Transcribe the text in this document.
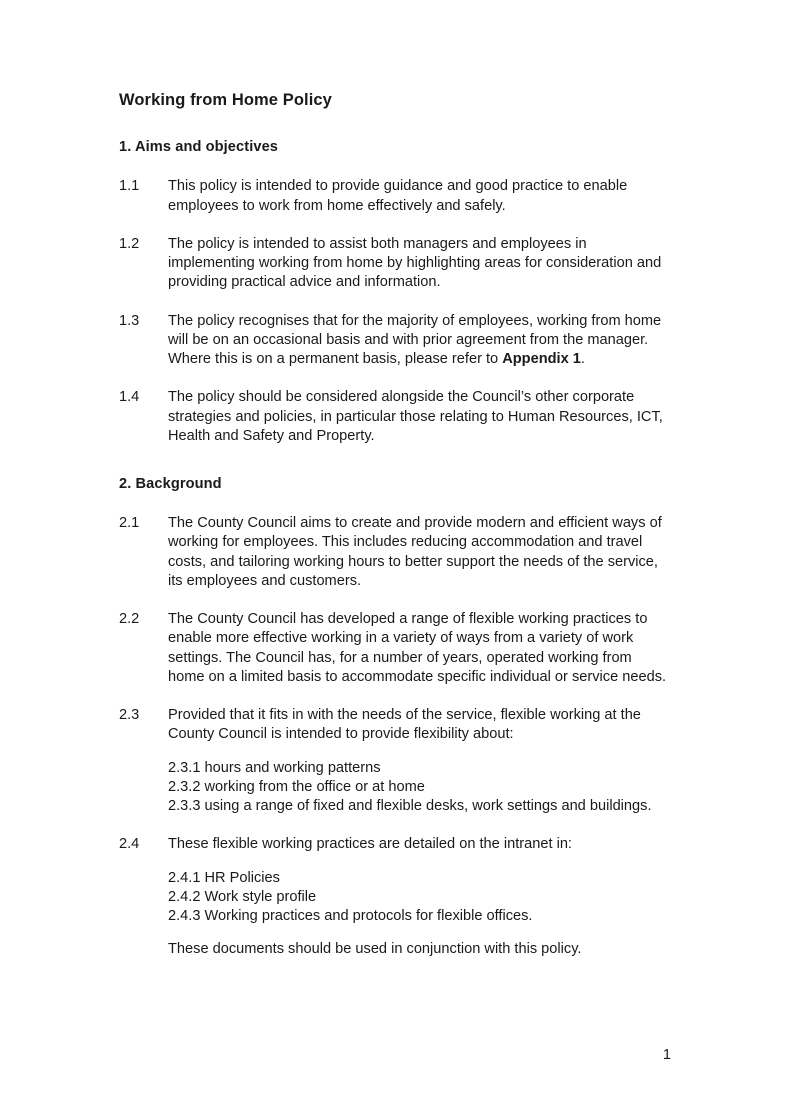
Working from Home Policy
1. Aims and objectives
1.1	This policy is intended to provide guidance and good practice to enable employees to work from home effectively and safely.

1.2	The policy is intended to assist both managers and employees in implementing working from home by highlighting areas for consideration and providing practical advice and information.

1.3	The policy recognises that for the majority of employees, working from home will be on an occasional basis and with prior agreement from the manager. Where this is on a permanent basis, please refer to Appendix 1.

1.4	The policy should be considered alongside the Council’s other corporate strategies and policies, in particular those relating to Human Resources, ICT, Health and Safety and Property.

2. Background
2.1	The County Council aims to create and provide modern and efficient ways of working for employees. This includes reducing accommodation and travel costs, and tailoring working hours to better support the needs of the service, its employees and customers.

2.2	The County Council has developed a range of flexible working practices to enable more effective working in a variety of ways from a variety of work settings. The Council has, for a number of years, operated working from home on a limited basis to accommodate specific individual or service needs.

2.3	Provided that it fits in with the needs of the service, flexible working at the County Council is intended to provide flexibility about:

2.3.1 hours and working patterns
2.3.2 working from the office or at home
2.3.3 using a range of fixed and flexible desks, work settings and buildings.
2.4	These flexible working practices are detailed on the intranet in:

2.4.1 HR Policies
2.4.2 Work style profile
2.4.3 Working practices and protocols for flexible offices.

These documents should be used in conjunction with this policy.

1
